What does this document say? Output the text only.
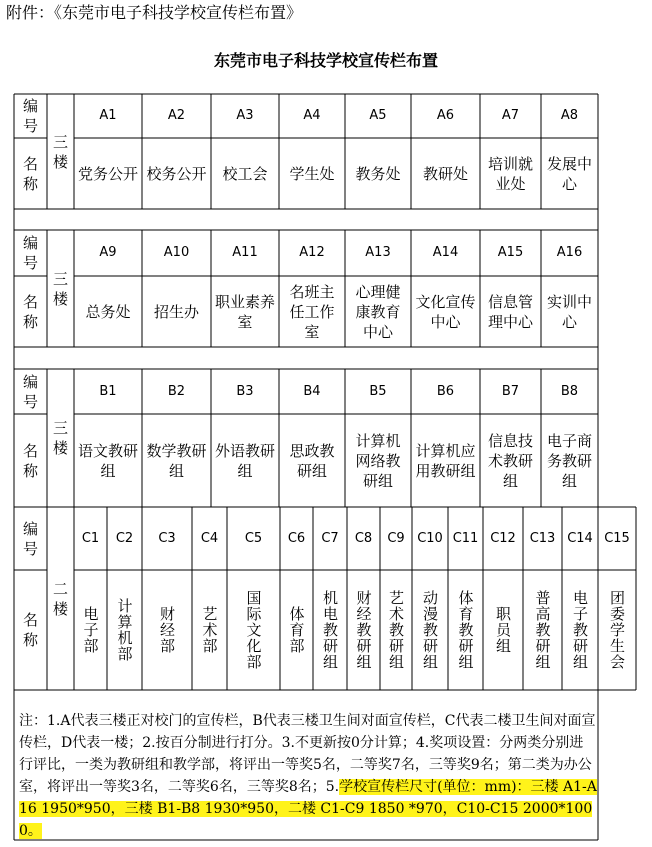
附件：《东莞市电子科技学校宣传栏布置》
东莞市电子科技学校宣传栏布置
编
号
名
称
三
楼
A1
党务公开
A2
校务公开
A3
校工会
A4
学生处
A5
教务处
A6
教研处
A7
培训就业处
A8
发展中心
编
号
名
称
三
楼
A9
总务处
A10
招生办
A11
职业素养室
A12
名班主任工作室
A13
心理健康教育中心
A14
文化宣传中心
A15
信息管理中心
A16
实训中心
编
号
名
称
三
楼
B1
语文教研组
B2
数学教研组
B3
外语教研组
B4
思政教研组
B5
计算机网络教研组
B6
计算机应用教研组
B7
信息技术教研组
B8
电子商务教研组
编
号
名
称
二
楼
C1
电子部
C2
计算机部
C3
财经部
C4
艺术部
C5
国际文化部
C6
体育部
C7
机电教研组
C8
财经教研组
C9
艺术教研组
C10
动漫教研组
C11
体育教研组
C12
职员组
C13
普高教研组
C14
电子教研组
C15
团委学生会
注：1.A代表三楼正对校门的宣传栏，B代表三楼卫生间对面宣传栏，C代表二楼卫生间对面宣传栏，D代表一楼；2.按百分制进行打分。3.不更新按0分计算；4.奖项设置：分两类分别进行评比，一类为教研组和教学部，将评出一等奖5名，二等奖7名，三等奖9名；第二类为办公室，将评出一等奖3名，二等奖6名，三等奖8名；5.学校宣传栏尺寸(单位：mm)：三楼 A1-A16 1950*950，三楼 B1-B8 1930*950，二楼 C1-C9 1850 *970，C10-C15 2000*1000。
